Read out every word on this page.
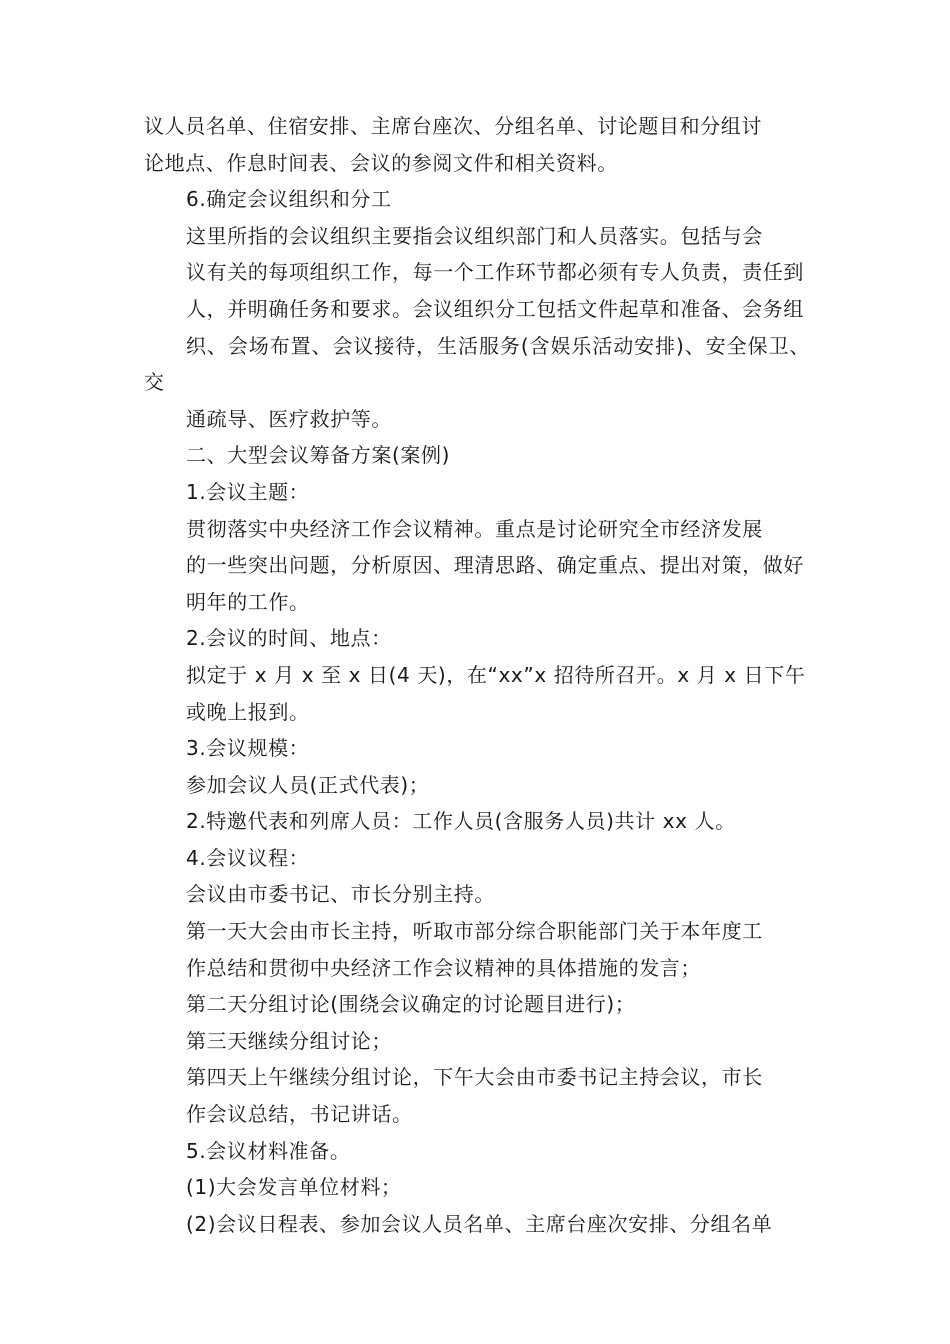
议人员名单、住宿安排、主席台座次、分组名单、讨论题目和分组讨
论地点、作息时间表、会议的参阅文件和相关资料。

6.确定会议组织和分工

这里所指的会议组织主要指会议组织部门和人员落实。包括与会
议有关的每项组织工作，每一个工作环节都必须有专人负责，责任到
人，并明确任务和要求。会议组织分工包括文件起草和准备、会务组
织、会场布置、会议接待，生活服务(含娱乐活动安排)、安全保卫、交
通疏导、医疗救护等。

二、大型会议筹备方案(案例)

1.会议主题：

贯彻落实中央经济工作会议精神。重点是讨论研究全市经济发展
的一些突出问题，分析原因、理清思路、确定重点、提出对策，做好
明年的工作。

2.会议的时间、地点：

拟定于 x 月 x 至 x 日(4 天)，在“xx”x 招待所召开。x 月 x 日下午
或晚上报到。

3.会议规模：

参加会议人员(正式代表)；

2.特邀代表和列席人员：工作人员(含服务人员)共计 xx 人。

4.会议议程：

会议由市委书记、市长分别主持。

第一天大会由市长主持，听取市部分综合职能部门关于本年度工
作总结和贯彻中央经济工作会议精神的具体措施的发言；

第二天分组讨论(围绕会议确定的讨论题目进行)；

第三天继续分组讨论；

第四天上午继续分组讨论，下午大会由市委书记主持会议，市长
作会议总结，书记讲话。

5.会议材料准备。

(1)大会发言单位材料；

(2)会议日程表、参加会议人员名单、主席台座次安排、分组名单
